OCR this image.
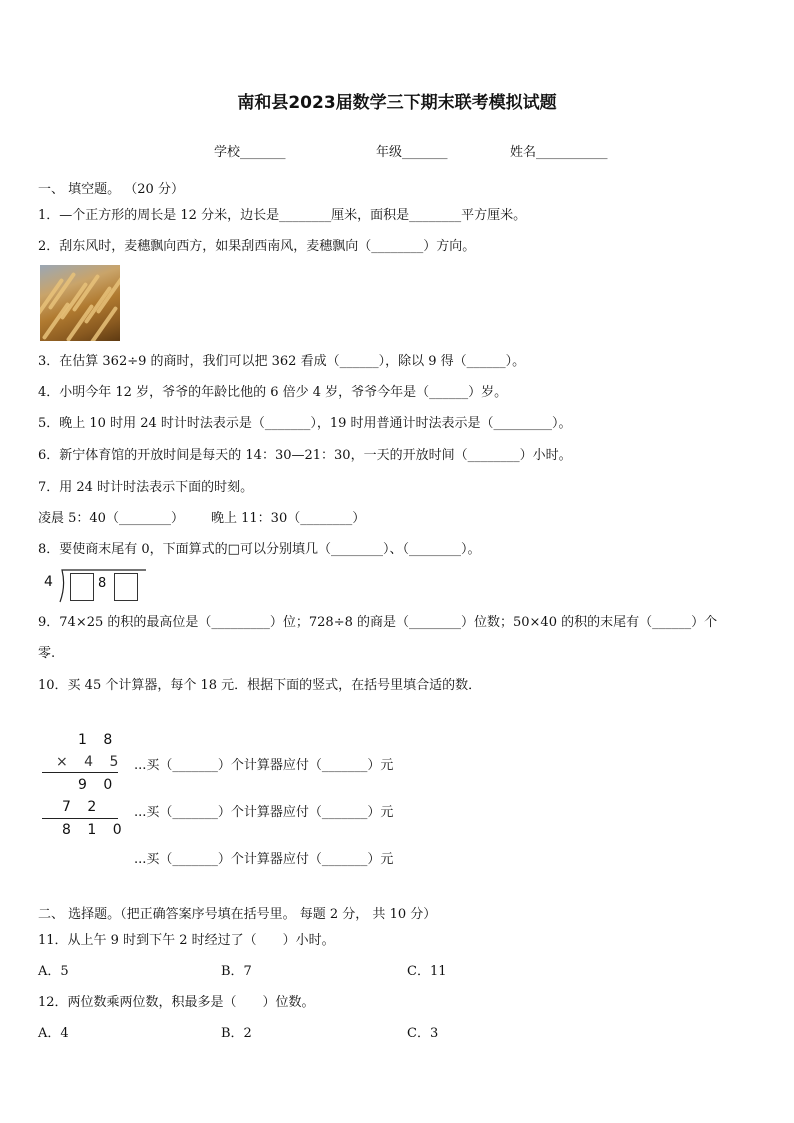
南和县2023届数学三下期末联考模拟试题
学校_______	年级_______	姓名___________
一、 填空题。 （20 分）
1．—个正方形的周长是 12 分米，边长是________厘米，面积是________平方厘米。
2．刮东风时，麦穗飘向西方，如果刮西南风，麦穗飘向（________）方向。
3．在估算 362÷9 的商时，我们可以把 362 看成（______），除以 9 得（______）。
4．小明今年 12 岁，爷爷的年龄比他的 6 倍少 4 岁，爷爷今年是（______）岁。
5．晚上 10 时用 24 时计时法表示是（_______），19 时用普通计时法表示是（_________）。
6．新宁体育馆的开放时间是每天的 14：30—21：30，一天的开放时间（________）小时。
7．用 24 时计时法表示下面的时刻。
凌晨 5：40（________） 晚上 11：30（________）
8．要使商末尾有 0，下面算式的□可以分别填几（________）、（________）。
4	8
9．74×25 的积的最高位是（_________）位；728÷8 的商是（________）位数；50×40 的积的末尾有（______）个
零.
10．买 45 个计算器，每个 18 元．根据下面的竖式，在括号里填合适的数．
1 8
× 4 5
9 0
7 2
8 1 0
...买（_______）个计算器应付（_______）元
...买（_______）个计算器应付（_______）元
...买（_______）个计算器应付（_______）元
二、 选择题。（把正确答案序号填在括号里。 每题 2 分， 共 10 分）
11．从上午 9 时到下午 2 时经过了（　　）小时。
A．5	B．7	C．11
12．两位数乘两位数，积最多是（　　）位数。
A．4	B．2	C．3
